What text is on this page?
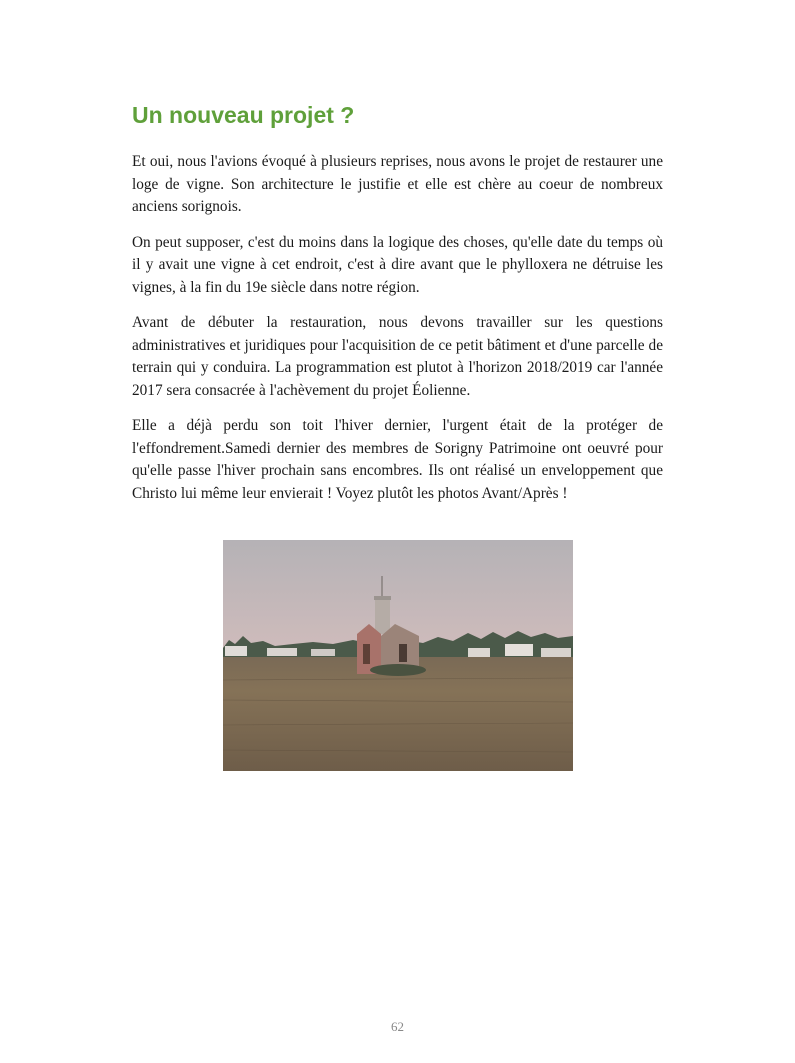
Un nouveau projet ?

Et oui, nous l'avions évoqué à plusieurs reprises, nous avons le projet de restaurer une loge de vigne. Son architecture le justifie et elle est chère au coeur de nombreux anciens sorignois.

On peut supposer, c'est du moins dans la logique des choses, qu'elle date du temps où il y avait une vigne à cet endroit, c'est à dire avant que le phylloxera ne détruise les vignes, à la fin du 19e siècle dans notre région.

Avant de débuter la restauration, nous devons travailler sur les questions administratives et juridiques pour l'acquisition de ce petit bâtiment et d'une parcelle de terrain qui y conduira. La programmation est plutot à l'horizon 2018/2019 car l'année 2017 sera consacrée à l'achèvement du projet Éolienne.

Elle a déjà perdu son toit l'hiver dernier, l'urgent était de la protéger de l'effondrement.Samedi dernier des membres de Sorigny Patrimoine ont oeuvré pour qu'elle passe l'hiver prochain sans encombres. Ils ont réalisé un enveloppement que Christo lui même leur envierait ! Voyez plutôt les photos Avant/Après !

62
